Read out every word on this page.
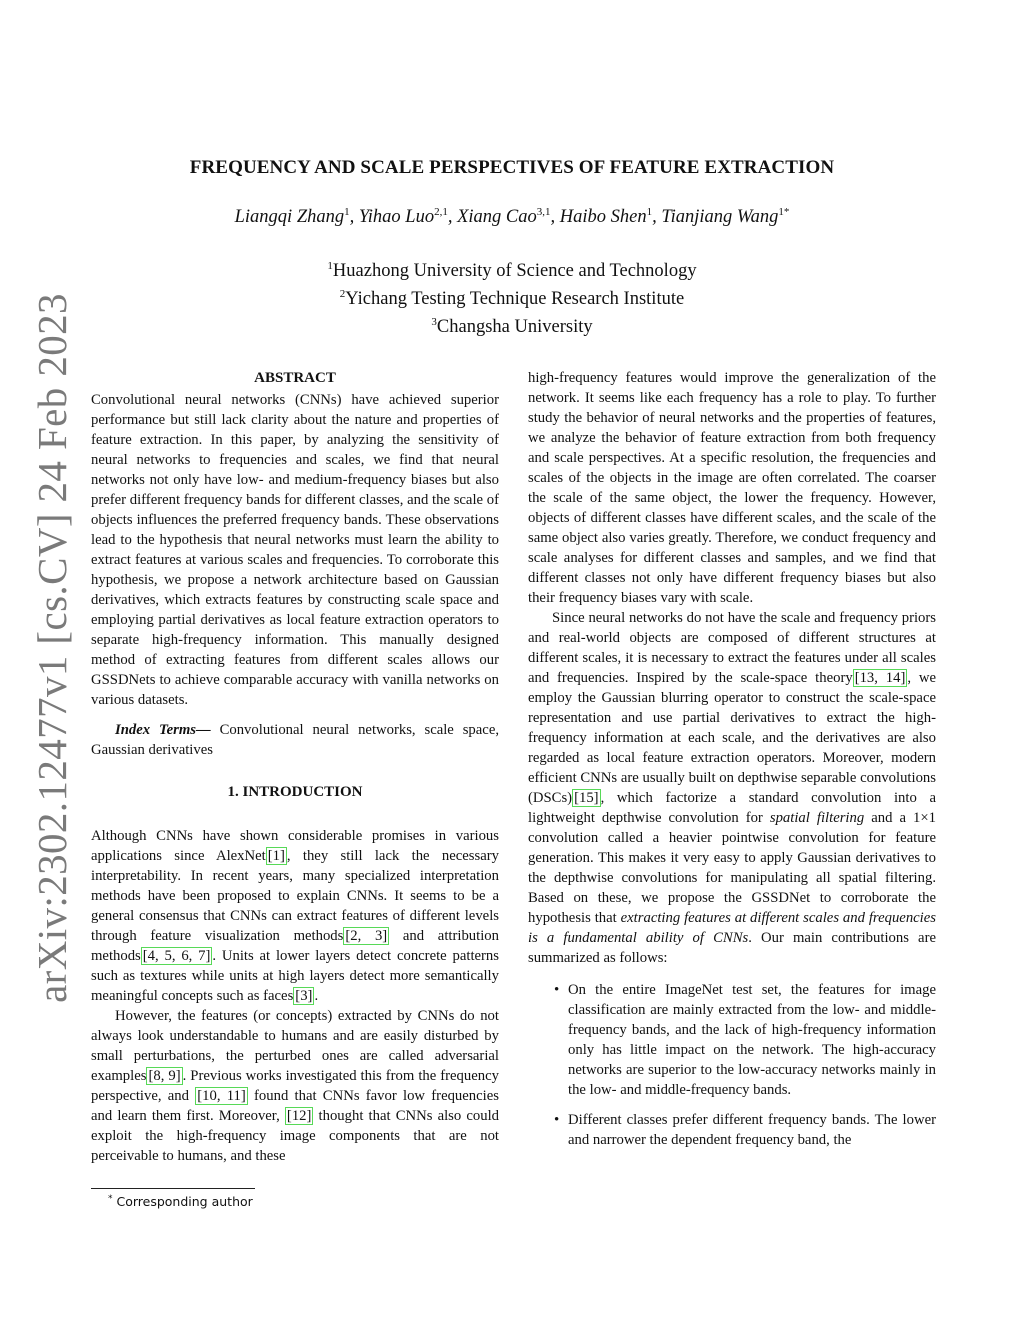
arXiv:2302.12477v1 [cs.CV] 24 Feb 2023
FREQUENCY AND SCALE PERSPECTIVES OF FEATURE EXTRACTION
Liangqi Zhang$^1$, Yihao Luo$^{2,1}$, Xiang Cao$^{3,1}$, Haibo Shen$^1$, Tianjiang Wang$^{1*}$
$^1$Huazhong University of Science and Technology
$^2$Yichang Testing Technique Research Institute
$^3$Changsha University
ABSTRACT

Convolutional neural networks (CNNs) have achieved superior performance but still lack clarity about the nature and properties of feature extraction. In this paper, by analyzing the sensitivity of neural networks to frequencies and scales, we find that neural networks not only have low- and medium-frequency biases but also prefer different frequency bands for different classes, and the scale of objects influences the preferred frequency bands. These observations lead to the hypothesis that neural networks must learn the ability to extract features at various scales and frequencies. To corroborate this hypothesis, we propose a network architecture based on Gaussian derivatives, which extracts features by constructing scale space and employing partial derivatives as local feature extraction operators to separate high-frequency information. This manually designed method of extracting features from different scales allows our GSSDNets to achieve comparable accuracy with vanilla networks on various datasets.

Index Terms— Convolutional neural networks, scale space, Gaussian derivatives

1. INTRODUCTION

Although CNNs have shown considerable promises in various applications since AlexNet [1] , they still lack the necessary interpretability. In recent years, many specialized interpretation methods have been proposed to explain CNNs. It seems to be a general consensus that CNNs can extract features of different levels through feature visualization methods [2, 3] and attribution methods [4, 5, 6, 7] . Units at lower layers detect concrete patterns such as textures while units at high layers detect more semantically meaningful concepts such as faces [3] .

However, the features (or concepts) extracted by CNNs do not always look understandable to humans and are easily disturbed by small perturbations, the perturbed ones are called adversarial examples [8, 9] . Previous works investigated this from the frequency perspective, and [10, 11] found that CNNs favor low frequencies and learn them first. Moreover, [12] thought that CNNs also could exploit the high-frequency image components that are not perceivable to humans, and these

high-frequency features would improve the generalization of the network. It seems like each frequency has a role to play. To further study the behavior of neural networks and the properties of features, we analyze the behavior of feature extraction from both frequency and scale perspectives. At a specific resolution, the frequencies and scales of the objects in the image are often correlated. The coarser the scale of the same object, the lower the frequency. However, objects of different classes have different scales, and the scale of the same object also varies greatly. Therefore, we conduct frequency and scale analyses for different classes and samples, and we find that different classes not only have different frequency biases but also their frequency biases vary with scale.

Since neural networks do not have the scale and frequency priors and real-world objects are composed of different structures at different scales, it is necessary to extract the features under all scales and frequencies. Inspired by the scale-space theory [13, 14] , we employ the Gaussian blurring operator to construct the scale-space representation and use partial derivatives to extract the high-frequency information at each scale, and the derivatives are also regarded as local feature extraction operators. Moreover, modern efficient CNNs are usually built on depthwise separable convolutions (DSCs) [15] , which factorize a standard convolution into a lightweight depthwise convolution for spatial filtering and a 1×1 convolution called a heavier pointwise convolution for feature generation. This makes it very easy to apply Gaussian derivatives to the depthwise convolutions for manipulating all spatial filtering. Based on these, we propose the GSSDNet to corroborate the hypothesis that extracting features at different scales and frequencies is a fundamental ability of CNNs. Our main contributions are summarized as follows:

• On the entire ImageNet test set, the features for image classification are mainly extracted from the low- and middle-frequency bands, and the lack of high-frequency information only has little impact on the network. The high-accuracy networks are superior to the low-accuracy networks mainly in the low- and middle-frequency bands.

• Different classes prefer different frequency bands. The lower and narrower the dependent frequency band, the

* Corresponding author
